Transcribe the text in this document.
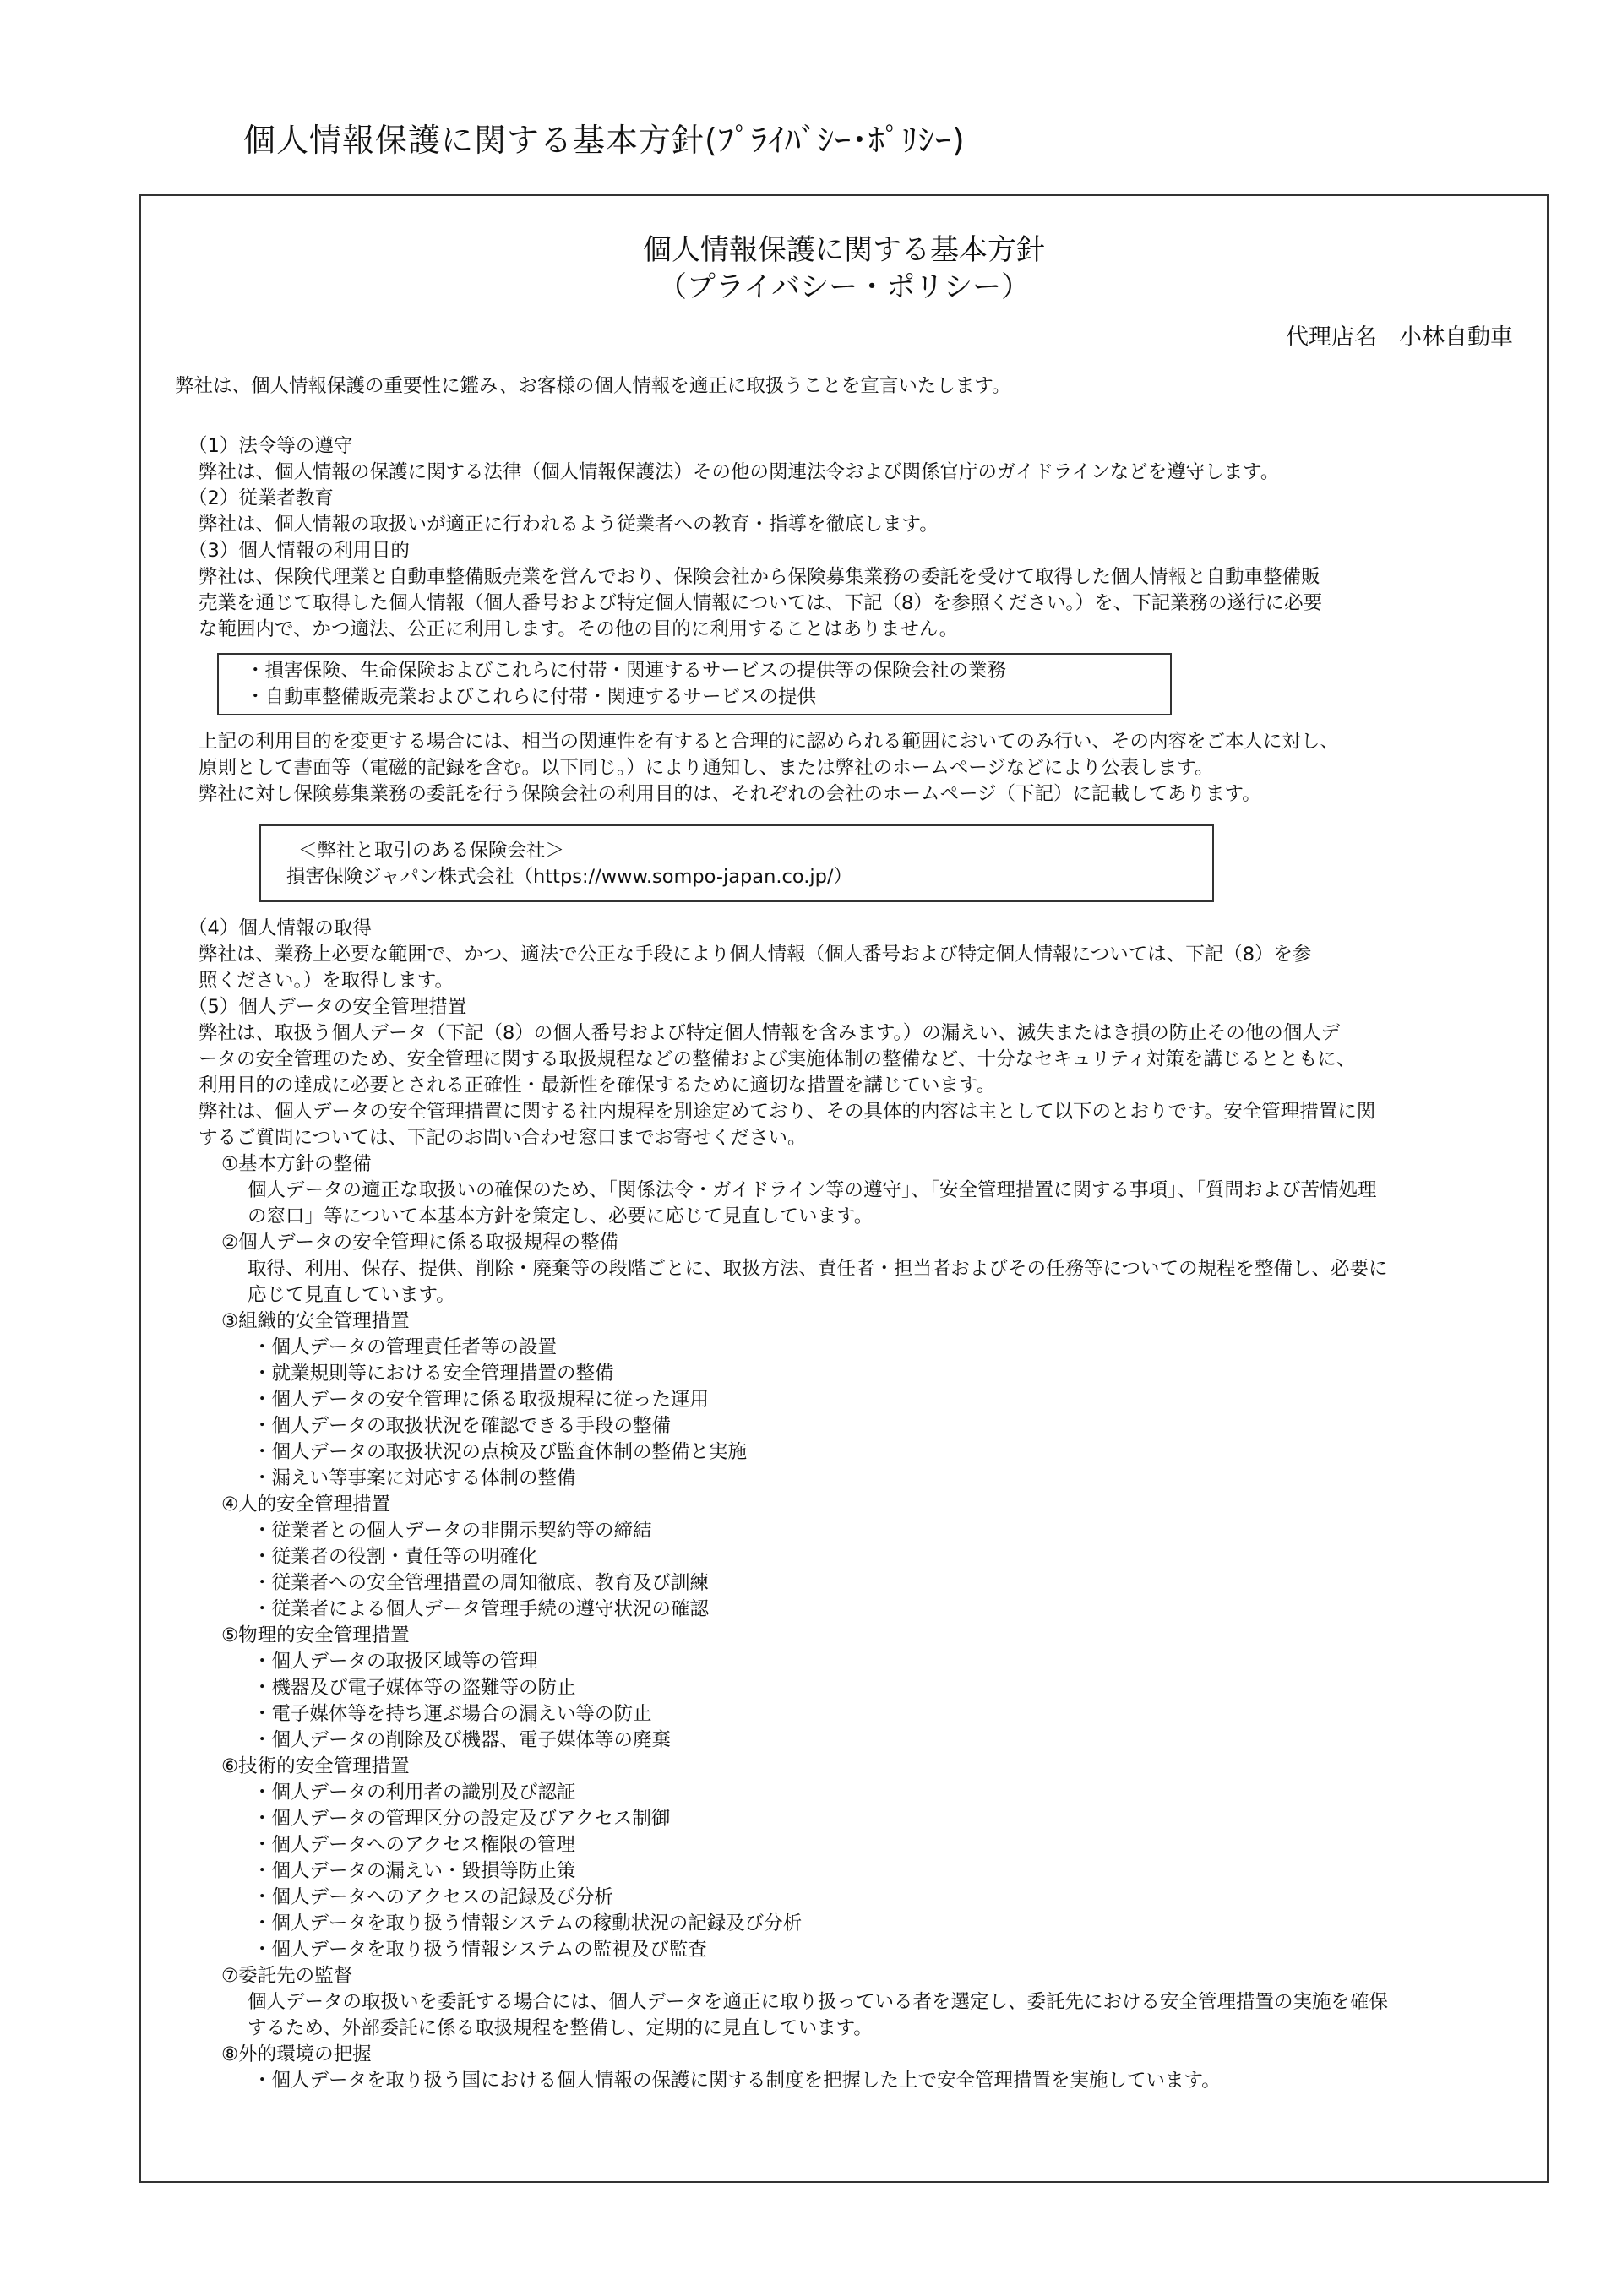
個人情報保護に関する基本方針(ﾌﾟﾗｲﾊﾞｼｰ･ﾎﾟﾘｼｰ)
個人情報保護に関する基本方針
（プライバシー・ポリシー）
代理店名 小林自動車

弊社は、個人情報保護の重要性に鑑み、お客様の個人情報を適正に取扱うことを宣言いたします。

（1）法令等の遵守

弊社は、個人情報の保護に関する法律（個人情報保護法）その他の関連法令および関係官庁のガイドラインなどを遵守します。

（2）従業者教育

弊社は、個人情報の取扱いが適正に行われるよう従業者への教育・指導を徹底します。

（3）個人情報の利用目的

弊社は、保険代理業と自動車整備販売業を営んでおり、保険会社から保険募集業務の委託を受けて取得した個人情報と自動車整備販

売業を通じて取得した個人情報（個人番号および特定個人情報については、下記（8）を参照ください。）を、下記業務の遂行に必要

な範囲内で、かつ適法、公正に利用します。その他の目的に利用することはありません。

・損害保険、生命保険およびこれらに付帯・関連するサービスの提供等の保険会社の業務

・自動車整備販売業およびこれらに付帯・関連するサービスの提供

上記の利用目的を変更する場合には、相当の関連性を有すると合理的に認められる範囲においてのみ行い、その内容をご本人に対し、

原則として書面等（電磁的記録を含む。以下同じ。）により通知し、または弊社のホームページなどにより公表します。

弊社に対し保険募集業務の委託を行う保険会社の利用目的は、それぞれの会社のホームページ（下記）に記載してあります。

＜弊社と取引のある保険会社＞

損害保険ジャパン株式会社（https://www.sompo-japan.co.jp/）

（4）個人情報の取得

弊社は、業務上必要な範囲で、かつ、適法で公正な手段により個人情報（個人番号および特定個人情報については、下記（8）を参

照ください。）を取得します。

（5）個人データの安全管理措置

弊社は、取扱う個人データ（下記（8）の個人番号および特定個人情報を含みます。）の漏えい、滅失またはき損の防止その他の個人デ

ータの安全管理のため、安全管理に関する取扱規程などの整備および実施体制の整備など、十分なセキュリティ対策を講じるとともに、

利用目的の達成に必要とされる正確性・最新性を確保するために適切な措置を講じています。

弊社は、個人データの安全管理措置に関する社内規程を別途定めており、その具体的内容は主として以下のとおりです。安全管理措置に関

するご質問については、下記のお問い合わせ窓口までお寄せください。

①基本方針の整備

個人データの適正な取扱いの確保のため、「関係法令・ガイドライン等の遵守」、「安全管理措置に関する事項」、「質問および苦情処理

の窓口」等について本基本方針を策定し、必要に応じて見直しています。

②個人データの安全管理に係る取扱規程の整備

取得、利用、保存、提供、削除・廃棄等の段階ごとに、取扱方法、責任者・担当者およびその任務等についての規程を整備し、必要に

応じて見直しています。

③組織的安全管理措置

・個人データの管理責任者等の設置

・就業規則等における安全管理措置の整備

・個人データの安全管理に係る取扱規程に従った運用

・個人データの取扱状況を確認できる手段の整備

・個人データの取扱状況の点検及び監査体制の整備と実施

・漏えい等事案に対応する体制の整備

④人的安全管理措置

・従業者との個人データの非開示契約等の締結

・従業者の役割・責任等の明確化

・従業者への安全管理措置の周知徹底、教育及び訓練

・従業者による個人データ管理手続の遵守状況の確認

⑤物理的安全管理措置

・個人データの取扱区域等の管理

・機器及び電子媒体等の盗難等の防止

・電子媒体等を持ち運ぶ場合の漏えい等の防止

・個人データの削除及び機器、電子媒体等の廃棄

⑥技術的安全管理措置

・個人データの利用者の識別及び認証

・個人データの管理区分の設定及びアクセス制御

・個人データへのアクセス権限の管理

・個人データの漏えい・毀損等防止策

・個人データへのアクセスの記録及び分析

・個人データを取り扱う情報システムの稼動状況の記録及び分析

・個人データを取り扱う情報システムの監視及び監査

⑦委託先の監督

個人データの取扱いを委託する場合には、個人データを適正に取り扱っている者を選定し、委託先における安全管理措置の実施を確保

するため、外部委託に係る取扱規程を整備し、定期的に見直しています。

⑧外的環境の把握

・個人データを取り扱う国における個人情報の保護に関する制度を把握した上で安全管理措置を実施しています。
